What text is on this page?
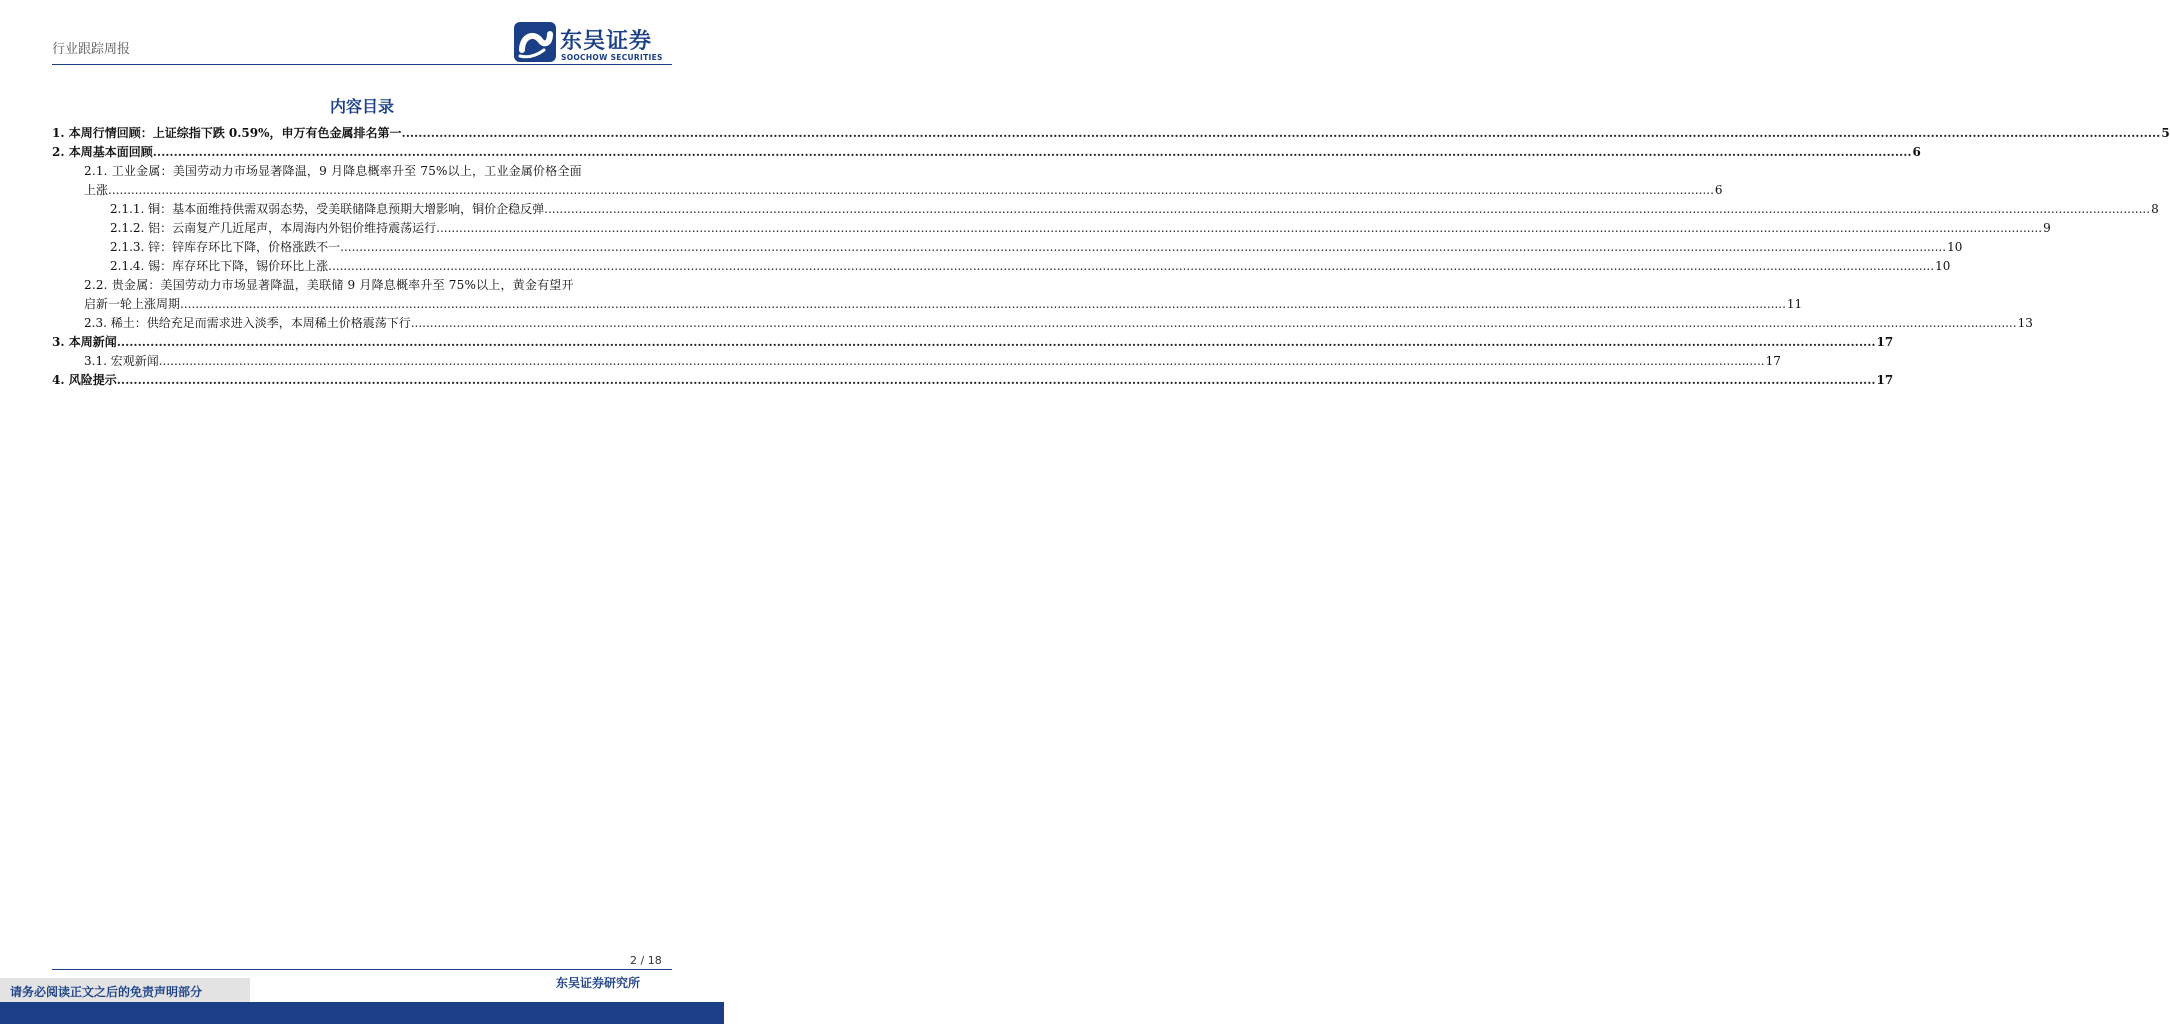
行业跟踪周报	东吴证券
SOOCHOW SECURITIES
内容目录
1. 本周行情回顾：上证综指下跌 0.59%，申万有色金属排名第一 .....	5
2. 本周基本面回顾 .....	6
2.1. 工业金属：美国劳动力市场显著降温，9 月降息概率升至 75%以上，工业金属价格全面
上涨 .....	6
2.1.1. 铜：基本面维持供需双弱态势，受美联储降息预期大增影响，铜价企稳反弹 .....	8
2.1.2. 铝：云南复产几近尾声，本周海内外铝价维持震荡运行 .....	9
2.1.3. 锌：锌库存环比下降，价格涨跌不一 .....	10
2.1.4. 锡：库存环比下降，锡价环比上涨 .....	10
2.2. 贵金属：美国劳动力市场显著降温，美联储 9 月降息概率升至 75%以上，黄金有望开
启新一轮上涨周期 .....	11
2.3. 稀土：供给充足而需求进入淡季，本周稀土价格震荡下行 .....	13
3. 本周新闻 .....	17
3.1. 宏观新闻 .....	17
4. 风险提示 .....	17
2 / 18
东吴证券研究所
请务必阅读正文之后的免责声明部分
